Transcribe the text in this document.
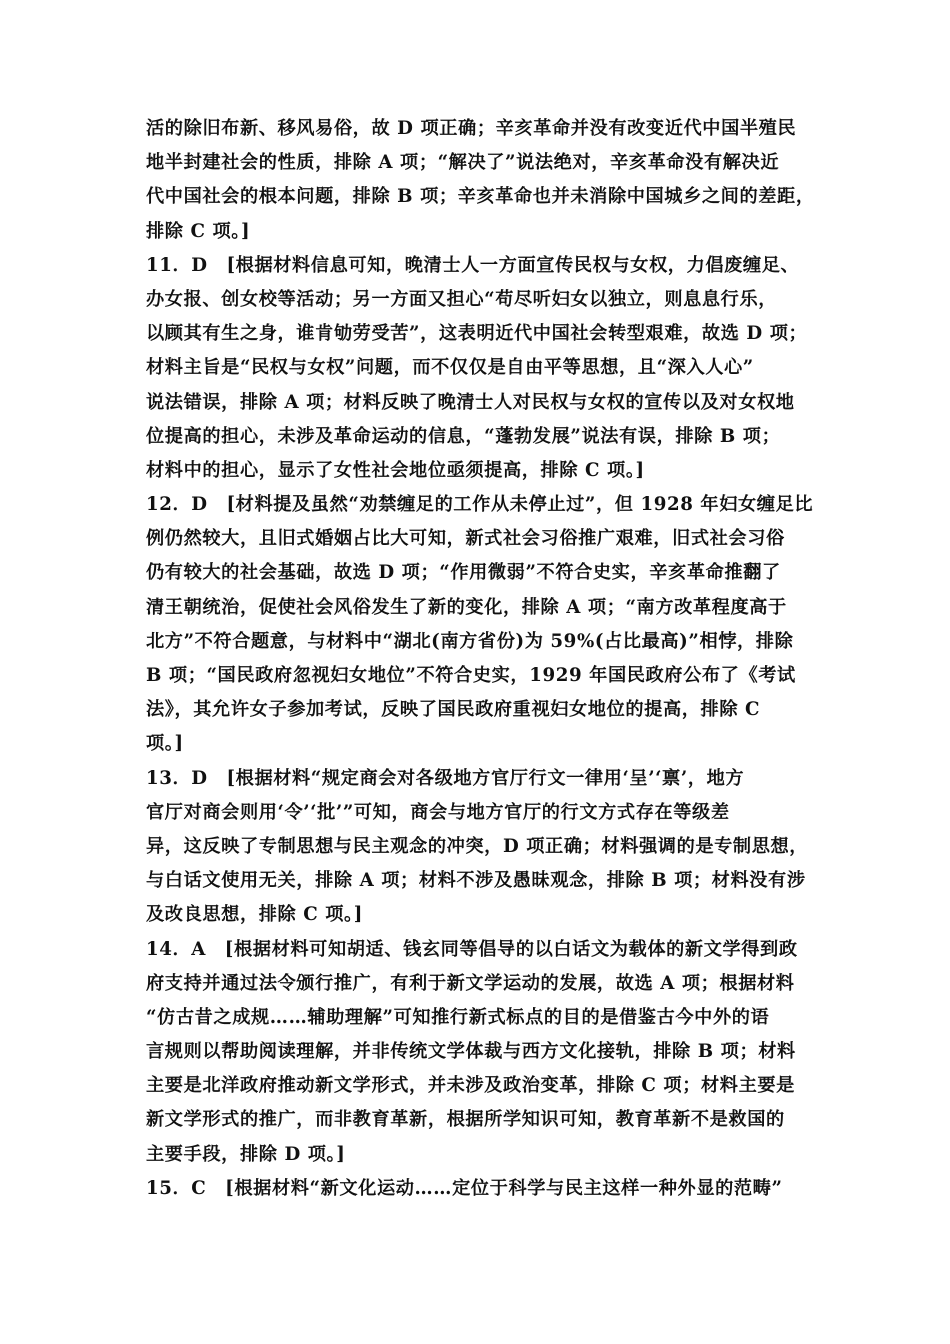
活的除旧布新、移风易俗，故 D 项正确；辛亥革命并没有改变近代中国半殖民
地半封建社会的性质，排除 A 项；“解决了”说法绝对，辛亥革命没有解决近
代中国社会的根本问题，排除 B 项；辛亥革命也并未消除中国城乡之间的差距，
排除 C 项。]
11．D　[根据材料信息可知，晚清士人一方面宣传民权与女权，力倡废缠足、
办女报、创女校等活动；另一方面又担心“苟尽听妇女以独立，则息息行乐，
以顾其有生之身，谁肯劬劳受苦”，这表明近代中国社会转型艰难，故选 D 项；
材料主旨是“民权与女权”问题，而不仅仅是自由平等思想，且“深入人心”
说法错误，排除 A 项；材料反映了晚清士人对民权与女权的宣传以及对女权地
位提高的担心，未涉及革命运动的信息，“蓬勃发展”说法有误，排除 B 项；
材料中的担心，显示了女性社会地位亟须提高，排除 C 项。]
12．D　[材料提及虽然“劝禁缠足的工作从未停止过”，但 1928 年妇女缠足比
例仍然较大，且旧式婚姻占比大可知，新式社会习俗推广艰难，旧式社会习俗
仍有较大的社会基础，故选 D 项；“作用微弱”不符合史实，辛亥革命推翻了
清王朝统治，促使社会风俗发生了新的变化，排除 A 项；“南方改革程度高于
北方”不符合题意，与材料中“湖北(南方省份)为 59%(占比最高)”相悖，排除
B 项；“国民政府忽视妇女地位”不符合史实，1929 年国民政府公布了《考试
法》，其允许女子参加考试，反映了国民政府重视妇女地位的提高，排除 C
项。]
13．D　[根据材料“规定商会对各级地方官厅行文一律用‘呈’‘禀’，地方
官厅对商会则用‘令’‘批’”可知，商会与地方官厅的行文方式存在等级差
异，这反映了专制思想与民主观念的冲突，D 项正确；材料强调的是专制思想，
与白话文使用无关，排除 A 项；材料不涉及愚昧观念，排除 B 项；材料没有涉
及改良思想，排除 C 项。]
14．A　[根据材料可知胡适、钱玄同等倡导的以白话文为载体的新文学得到政
府支持并通过法令颁行推广，有利于新文学运动的发展，故选 A 项；根据材料
“仿古昔之成规……辅助理解”可知推行新式标点的目的是借鉴古今中外的语
言规则以帮助阅读理解，并非传统文学体裁与西方文化接轨，排除 B 项；材料
主要是北洋政府推动新文学形式，并未涉及政治变革，排除 C 项；材料主要是
新文学形式的推广，而非教育革新，根据所学知识可知，教育革新不是救国的
主要手段，排除 D 项。]
15．C　[根据材料“新文化运动……定位于科学与民主这样一种外显的范畴”
